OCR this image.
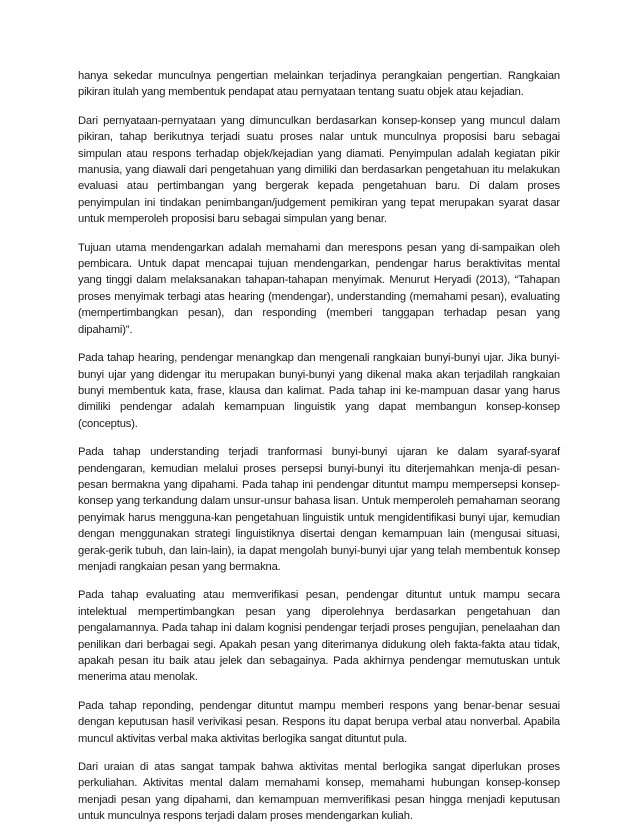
hanya sekedar munculnya pengertian melainkan terjadinya perangkaian pengertian. Rangkaian pikiran itulah yang membentuk pendapat atau pernyataan tentang suatu objek atau kejadian.

Dari pernyataan-pernyataan yang dimunculkan berdasarkan konsep-konsep yang muncul dalam pikiran, tahap berikutnya terjadi suatu proses nalar untuk munculnya proposisi baru sebagai simpulan atau respons terhadap objek/kejadian yang diamati. Penyimpulan adalah kegiatan pikir manusia, yang diawali dari pengetahuan yang dimiliki dan berdasarkan pengetahuan itu melakukan evaluasi atau pertimbangan yang bergerak kepada pengetahuan baru. Di dalam proses penyimpulan ini tindakan penimbangan/judgement pemikiran yang tepat merupakan syarat dasar untuk memperoleh proposisi baru sebagai simpulan yang benar.

Tujuan utama mendengarkan adalah memahami dan merespons pesan yang di-sampaikan oleh pembicara. Untuk dapat mencapai tujuan mendengarkan, pendengar harus beraktivitas mental yang tinggi dalam melaksanakan tahapan-tahapan menyimak. Menurut Heryadi (2013), “Tahapan proses menyimak terbagi atas hearing (mendengar), understanding (memahami pesan), evaluating (mempertimbangkan pesan), dan responding (memberi tanggapan terhadap pesan yang dipahami)”.

Pada tahap hearing, pendengar menangkap dan mengenali rangkaian bunyi-bunyi ujar. Jika bunyi-bunyi ujar yang didengar itu merupakan bunyi-bunyi yang dikenal maka akan terjadilah rangkaian bunyi membentuk kata, frase, klausa dan kalimat. Pada tahap ini ke-mampuan dasar yang harus dimiliki pendengar adalah kemampuan linguistik yang dapat membangun konsep-konsep (conceptus).

Pada tahap understanding terjadi tranformasi bunyi-bunyi ujaran ke dalam syaraf-syaraf pendengaran, kemudian melalui proses persepsi bunyi-bunyi itu diterjemahkan menja-di pesan-pesan bermakna yang dipahami. Pada tahap ini pendengar dituntut mampu mempersepsi konsep-konsep yang terkandung dalam unsur-unsur bahasa lisan. Untuk memperoleh pemahaman seorang penyimak harus mengguna-kan pengetahuan linguistik untuk mengidentifikasi bunyi ujar, kemudian dengan menggunakan strategi linguistiknya disertai dengan kemampuan lain (mengusai situasi, gerak-gerik tubuh, dan lain-lain), ia dapat mengolah bunyi-bunyi ujar yang telah membentuk konsep menjadi rangkaian pesan yang bermakna.

Pada tahap evaluating atau memverifikasi pesan, pendengar dituntut untuk mampu secara intelektual mempertimbangkan pesan yang diperolehnya berdasarkan pengetahuan dan pengalamannya. Pada tahap ini dalam kognisi pendengar terjadi proses pengujian, penelaahan dan penilikan dari berbagai segi. Apakah pesan yang diterimanya didukung oleh fakta-fakta atau tidak, apakah pesan itu baik atau jelek dan sebagainya. Pada akhirnya pendengar memutuskan untuk menerima atau menolak.

Pada tahap reponding, pendengar dituntut mampu memberi respons yang benar-benar sesuai dengan keputusan hasil verivikasi pesan. Respons itu dapat berupa verbal atau nonverbal. Apabila muncul aktivitas verbal maka aktivitas berlogika sangat dituntut pula.

Dari uraian di atas sangat tampak bahwa aktivitas mental berlogika sangat diperlukan proses perkuliahan. Aktivitas mental dalam memahami konsep, memahami hubungan konsep-konsep menjadi pesan yang dipahami, dan kemampuan memverifikasi pesan hingga menjadi keputusan untuk munculnya respons terjadi dalam proses mendengarkan kuliah.
